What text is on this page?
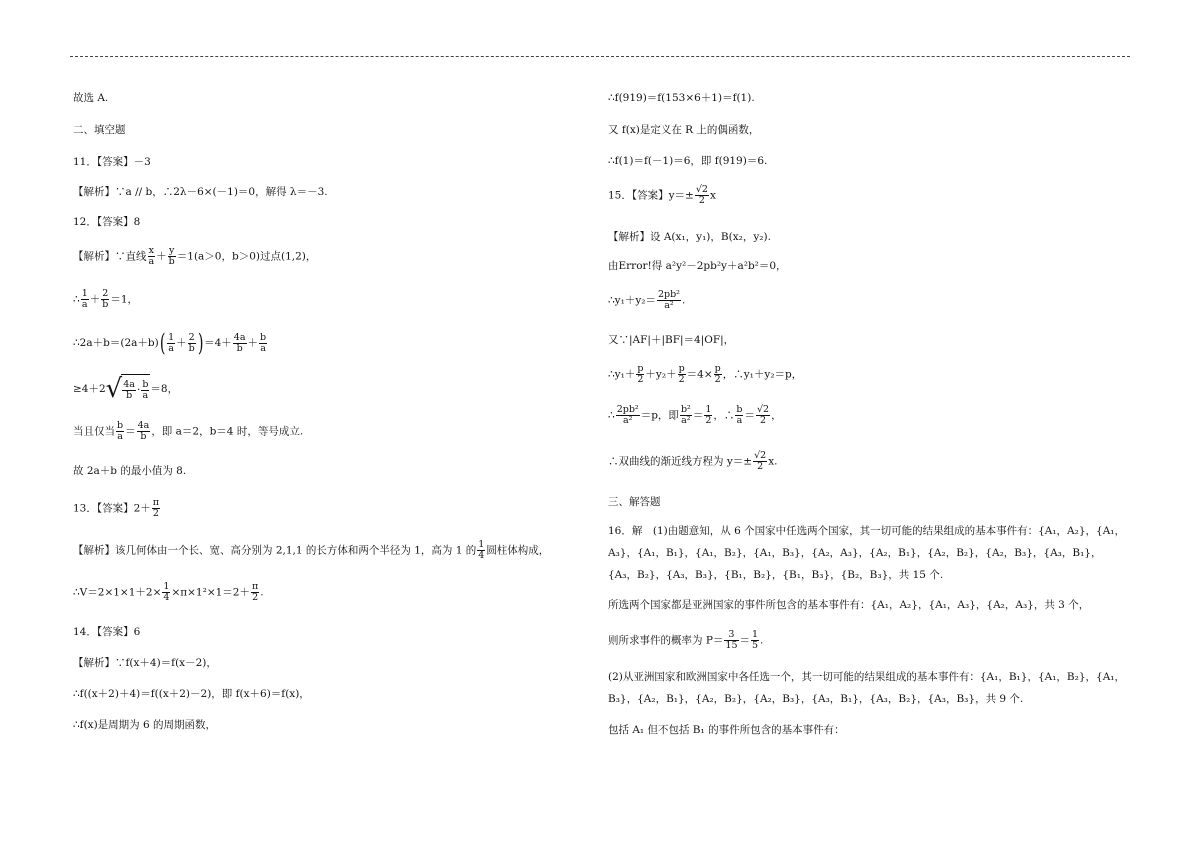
故选 A.
二、填空题
11．【答案】－3
【解析】∵a // b，∴2λ－6×(－1)＝0，解得 λ＝－3.
12．【答案】8
【解析】∵直线 $\frac{x}{a} + \frac{y}{b} =1(a>0$，b＞0)过点(1,2)，
∴ $\frac{1}{a} + \frac{2}{b} =1$，
∴2a＋b＝(2a＋b)( $\frac{1}{a} + \frac{2}{b} )=4+ \frac{4a}{b} + \frac{b}{a}$
≥4＋2 √ $\frac{4a}{b} \cdot \frac{b}{a} =8$，
当且仅当 $\frac{b}{a} = \frac{4a}{b}$ ，即 a＝2，b＝4 时，等号成立.
故 2a＋b 的最小值为 8.
13．【答案】$2+ \frac{\pi}{2}$
【解析】该几何体由一个长、宽、高分别为 2,1,1 的长方体和两个半径为 1，高为 1 的 $\frac{1}{4}$ 圆柱体构成，
∴V＝2×1×1＋2× $\frac{1}{4} \times\pi\times 1^2\times 1=2+ \frac{\pi}{2}$ .
14．【答案】6
【解析】∵f(x＋4)＝f(x－2)，
∴f((x＋2)＋4)＝f((x＋2)－2)，即 f(x＋6)＝f(x)，
∴f(x)是周期为 6 的周期函数，
∴f(919)＝f(153×6＋1)＝f(1).
又 f(x)是定义在 R 上的偶函数，
∴f(1)＝f(－1)＝6，即 f(919)＝6.
15．【答案】$y=\pm \frac{√2}{2}$ x
【解析】设 A(x₁，y₁)，B(x₂，y₂).
由Error!得 a²y²－2pb²y＋a²b²＝0，
∴y₁＋y₂＝ $\frac{\text{2pb²}}{\text{a²}}$ .
又∵|AF|＋|BF|＝4|OF|，
∴y₁＋ $\frac{p}{2} +y_2+ \frac{p}{2} =4\times \frac{p}{2}$ ，∴y₁＋y₂＝p，
∴ $\frac{\text{2pb²}}{\text{a²}} =p$，即 $\frac{\text{b²}}{\text{a²}} = \frac{1}{2}$ ，∴ $\frac{b}{a} = \frac{√2}{2}$ ，
∴双曲线的渐近线方程为 $y=\pm \frac{√2}{2} x$.
三、解答题
16．解　(1)由题意知，从 6 个国家中任选两个国家，其一切可能的结果组成的基本事件有：{A₁，A₂}，{A₁，A₃}，{A₁，B₁}，{A₁，B₂}，{A₁，B₃}，{A₂，A₃}，{A₂，B₁}，{A₂，B₂}，{A₂，B₃}，{A₃，B₁}，{A₃，B₂}，{A₃，B₃}，{B₁，B₂}，{B₁，B₃}，{B₂，B₃}，共 15 个.
所选两个国家都是亚洲国家的事件所包含的基本事件有：{A₁，A₂}，{A₁，A₃}，{A₂，A₃}，共 3 个，
则所求事件的概率为 $P= \frac{3}{15} = \frac{1}{5}$ .
(2)从亚洲国家和欧洲国家中各任选一个，其一切可能的结果组成的基本事件有：{A₁，B₁}，{A₁，B₂}，{A₁，B₃}，{A₂，B₁}，{A₂，B₂}，{A₂，B₃}，{A₃，B₁}，{A₃，B₂}，{A₃，B₃}，共 9 个.
包括 A₁ 但不包括 B₁ 的事件所包含的基本事件有：
